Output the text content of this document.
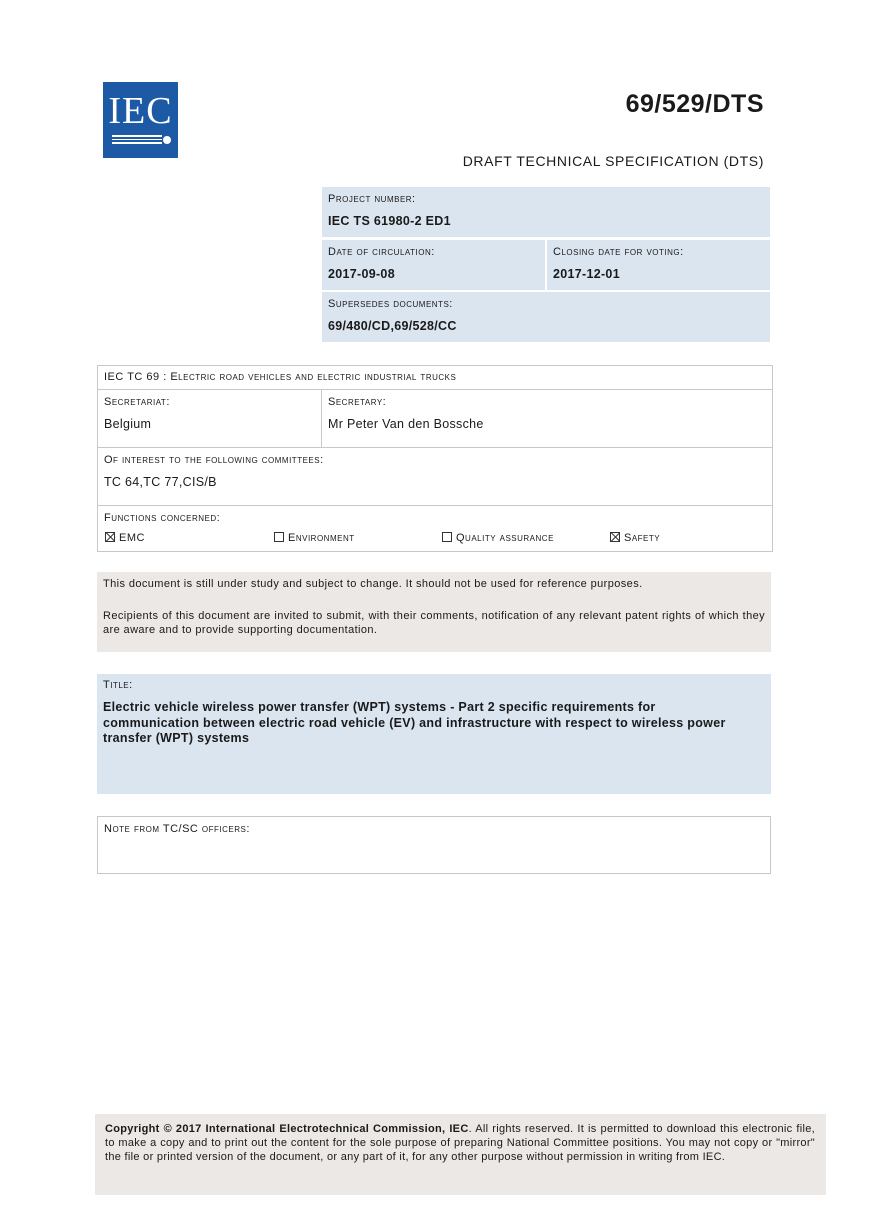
IEC	69/529/DTS
DRAFT TECHNICAL SPECIFICATION (DTS)
Project number:
IEC TS 61980-2 ED1
Date of circulation:
2017-09-08
Closing date for voting:
2017-12-01
Supersedes documents:
69/480/CD,69/528/CC
IEC TC 69 : Electric road vehicles and electric industrial trucks
Secretariat:
Belgium
Secretary:
Mr Peter Van den Bossche
Of interest to the following committees:
TC 64,TC 77,CIS/B
Functions concerned:
EMC	Environment	Quality assurance	Safety

This document is still under study and subject to change. It should not be used for reference purposes.

Recipients of this document are invited to submit, with their comments, notification of any relevant patent rights of which they are aware and to provide supporting documentation.

Title:
Electric vehicle wireless power transfer (WPT) systems - Part 2 specific requirements for communication between electric road vehicle (EV) and infrastructure with respect to wireless power transfer (WPT) systems
Note from TC/SC officers:

Copyright © 2017 International Electrotechnical Commission, IEC. All rights reserved. It is permitted to download this electronic file, to make a copy and to print out the content for the sole purpose of preparing National Committee positions. You may not copy or "mirror" the file or printed version of the document, or any part of it, for any other purpose without permission in writing from IEC.
